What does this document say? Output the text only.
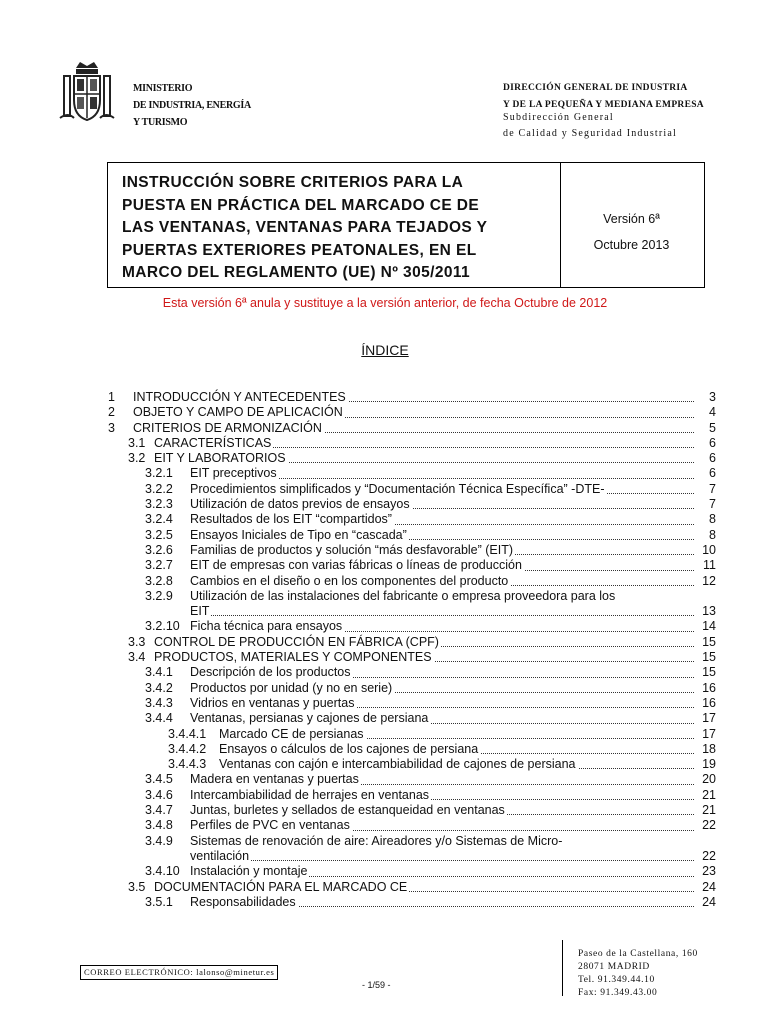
MINISTERIO
DE INDUSTRIA, ENERGÍA
Y TURISMO
DIRECCIÓN GENERAL DE INDUSTRIA
Y DE LA PEQUEÑA Y MEDIANA EMPRESA
Subdirección General
de Calidad y Seguridad Industrial
INSTRUCCIÓN SOBRE CRITERIOS PARA LA
PUESTA EN PRÁCTICA DEL MARCADO CE DE
LAS VENTANAS, VENTANAS PARA TEJADOS Y
PUERTAS EXTERIORES PEATONALES, EN EL
MARCO DEL REGLAMENTO (UE) Nº 305/2011
Versión 6ª
Octubre 2013
Esta versión 6ª anula y sustituye a la versión anterior, de fecha Octubre de 2012
ÍNDICE
1 INTRODUCCIÓN Y ANTECEDENTES	3
2 OBJETO Y CAMPO DE APLICACIÓN	4
3 CRITERIOS DE ARMONIZACIÓN	5
3.1 CARACTERÍSTICAS	6
3.2 EIT Y LABORATORIOS	6
3.2.1 EIT preceptivos	6
3.2.2 Procedimientos simplificados y “Documentación Técnica Específica” -DTE-	7
3.2.3 Utilización de datos previos de ensayos	7
3.2.4 Resultados de los EIT “compartidos”	8
3.2.5 Ensayos Iniciales de Tipo en “cascada”	8
3.2.6 Familias de productos y solución “más desfavorable” (EIT)	10
3.2.7 EIT de empresas con varias fábricas o líneas de producción	11
3.2.8 Cambios en el diseño o en los componentes del producto	12
3.2.9 Utilización de las instalaciones del fabricante o empresa proveedora para los
EIT	13
3.2.10 Ficha técnica para ensayos	14
3.3 CONTROL DE PRODUCCIÓN EN FÁBRICA (CPF)	15
3.4 PRODUCTOS, MATERIALES Y COMPONENTES	15
3.4.1 Descripción de los productos	15
3.4.2 Productos por unidad (y no en serie)	16
3.4.3 Vidrios en ventanas y puertas	16
3.4.4 Ventanas, persianas y cajones de persiana	17
3.4.4.1 Marcado CE de persianas	17
3.4.4.2 Ensayos o cálculos de los cajones de persiana	18
3.4.4.3 Ventanas con cajón e intercambiabilidad de cajones de persiana	19
3.4.5 Madera en ventanas y puertas	20
3.4.6 Intercambiabilidad de herrajes en ventanas	21
3.4.7 Juntas, burletes y sellados de estanqueidad en ventanas	21
3.4.8 Perfiles de PVC en ventanas	22
3.4.9 Sistemas de renovación de aire: Aireadores y/o Sistemas de Micro-
ventilación	22
3.4.10 Instalación y montaje	23
3.5 DOCUMENTACIÓN PARA EL MARCADO CE	24
3.5.1 Responsabilidades	24
CORREO ELECTRÓNICO: lalonso@minetur.es
- 1/59 -
Paseo de la Castellana, 160
28071 MADRID
Tel. 91.349.44.10
Fax: 91.349.43.00
